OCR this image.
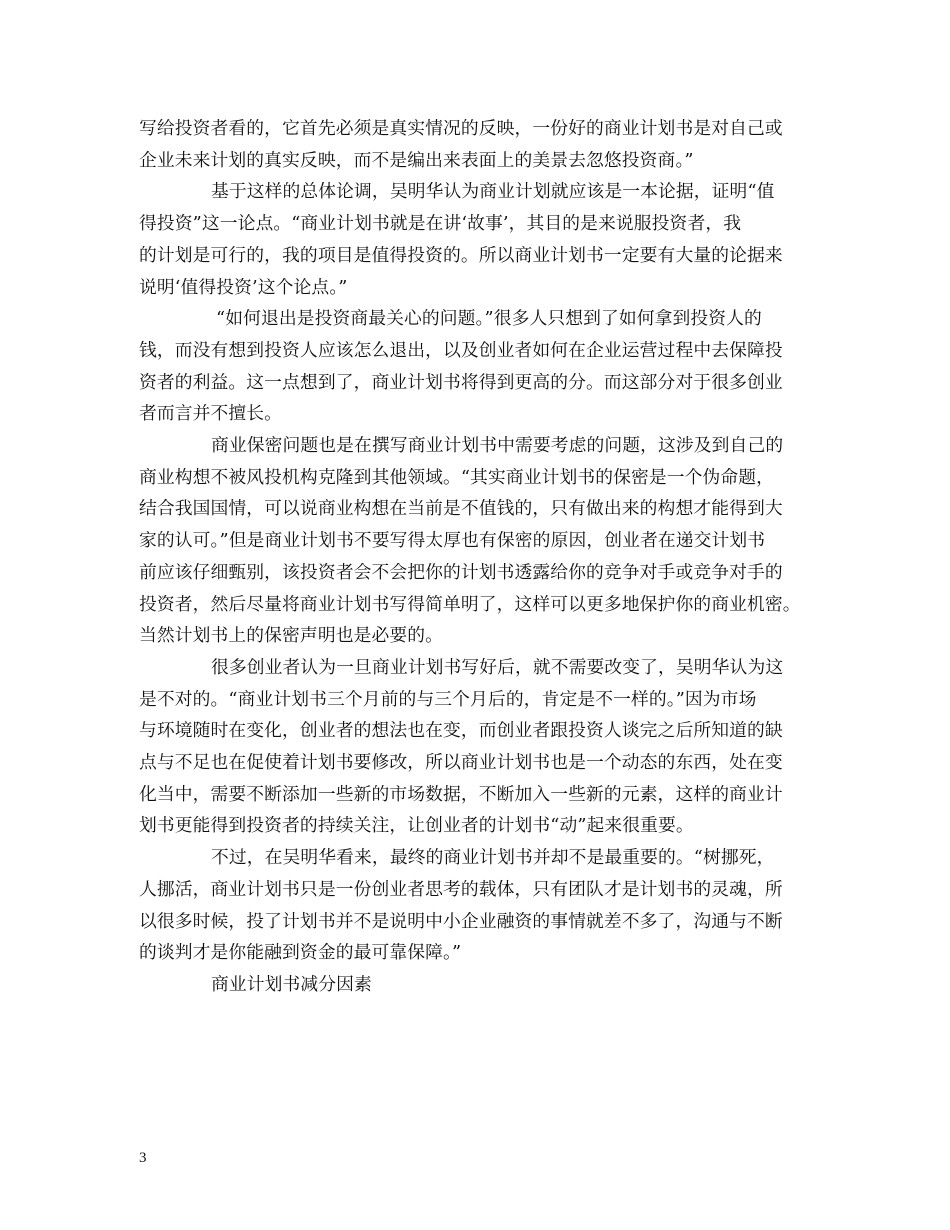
写给投资者看的，它首先必须是真实情况的反映，一份好的商业计划书是对自己或
企业未来计划的真实反映，而不是编出来表面上的美景去忽悠投资商。”
基于这样的总体论调，吴明华认为商业计划就应该是一本论据，证明“值
得投资”这一论点。“商业计划书就是在讲‘故事’，其目的是来说服投资者，我
的计划是可行的，我的项目是值得投资的。所以商业计划书一定要有大量的论据来
说明‘值得投资’这个论点。”
“如何退出是投资商最关心的问题。”很多人只想到了如何拿到投资人的
钱，而没有想到投资人应该怎么退出，以及创业者如何在企业运营过程中去保障投
资者的利益。这一点想到了，商业计划书将得到更高的分。而这部分对于很多创业
者而言并不擅长。
商业保密问题也是在撰写商业计划书中需要考虑的问题，这涉及到自己的
商业构想不被风投机构克隆到其他领域。“其实商业计划书的保密是一个伪命题，
结合我国国情，可以说商业构想在当前是不值钱的，只有做出来的构想才能得到大
家的认可。”但是商业计划书不要写得太厚也有保密的原因，创业者在递交计划书
前应该仔细甄别，该投资者会不会把你的计划书透露给你的竞争对手或竞争对手的
投资者，然后尽量将商业计划书写得简单明了，这样可以更多地保护你的商业机密。
当然计划书上的保密声明也是必要的。
很多创业者认为一旦商业计划书写好后，就不需要改变了，吴明华认为这
是不对的。“商业计划书三个月前的与三个月后的，肯定是不一样的。”因为市场
与环境随时在变化，创业者的想法也在变，而创业者跟投资人谈完之后所知道的缺
点与不足也在促使着计划书要修改，所以商业计划书也是一个动态的东西，处在变
化当中，需要不断添加一些新的市场数据，不断加入一些新的元素，这样的商业计
划书更能得到投资者的持续关注，让创业者的计划书“动”起来很重要。
不过，在吴明华看来，最终的商业计划书并却不是最重要的。“树挪死，
人挪活，商业计划书只是一份创业者思考的载体，只有团队才是计划书的灵魂，所
以很多时候，投了计划书并不是说明中小企业融资的事情就差不多了，沟通与不断
的谈判才是你能融到资金的最可靠保障。”
商业计划书减分因素
3
